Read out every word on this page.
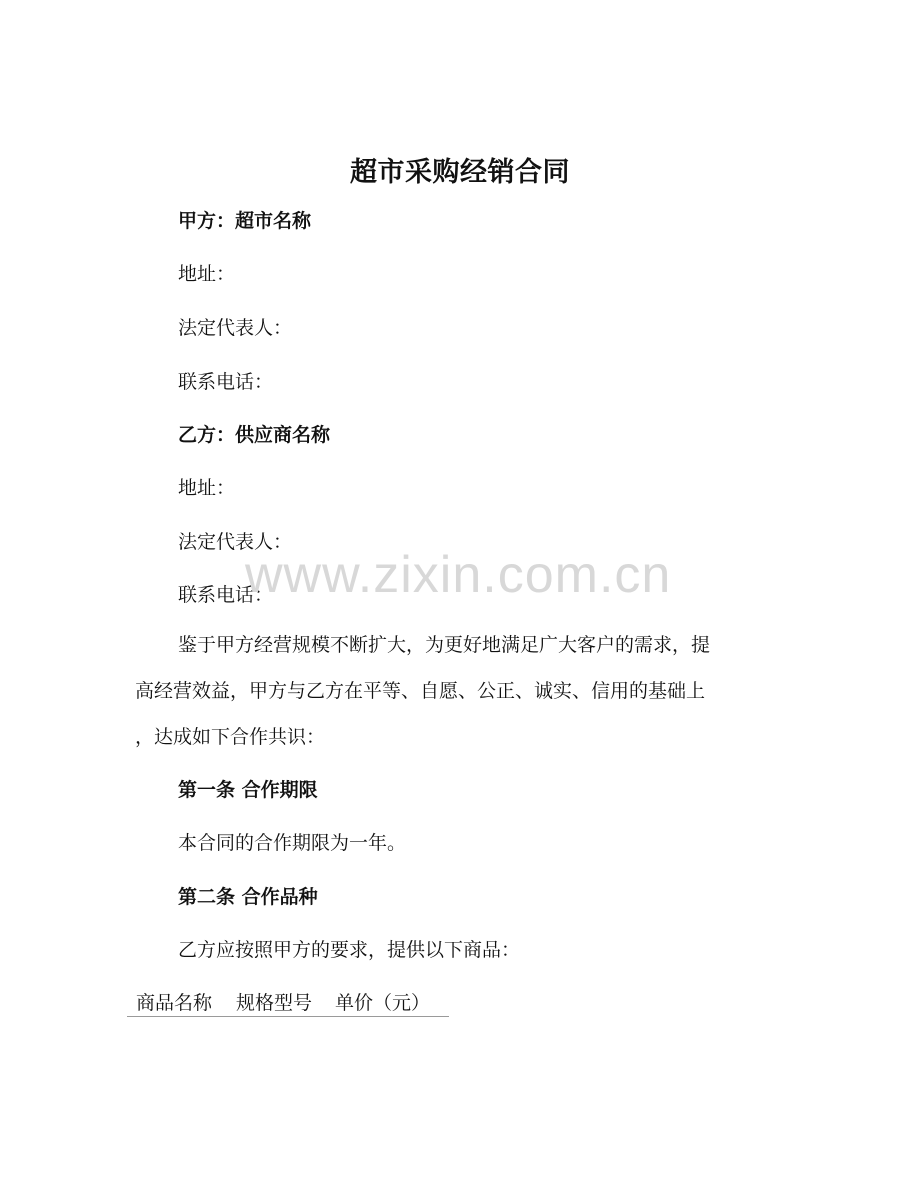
超市采购经销合同
甲方：超市名称
地址：
法定代表人：
联系电话：
乙方：供应商名称
地址：
法定代表人：
联系电话：
www.zixin.com.cn
鉴于甲方经营规模不断扩大，为更好地满足广大客户的需求，提
高经营效益，甲方与乙方在平等、自愿、公正、诚实、信用的基础上
，达成如下合作共识：
第一条 合作期限
本合同的合作期限为一年。
第二条 合作品种
乙方应按照甲方的要求，提供以下商品：
商品名称 规格型号 单价（元）
